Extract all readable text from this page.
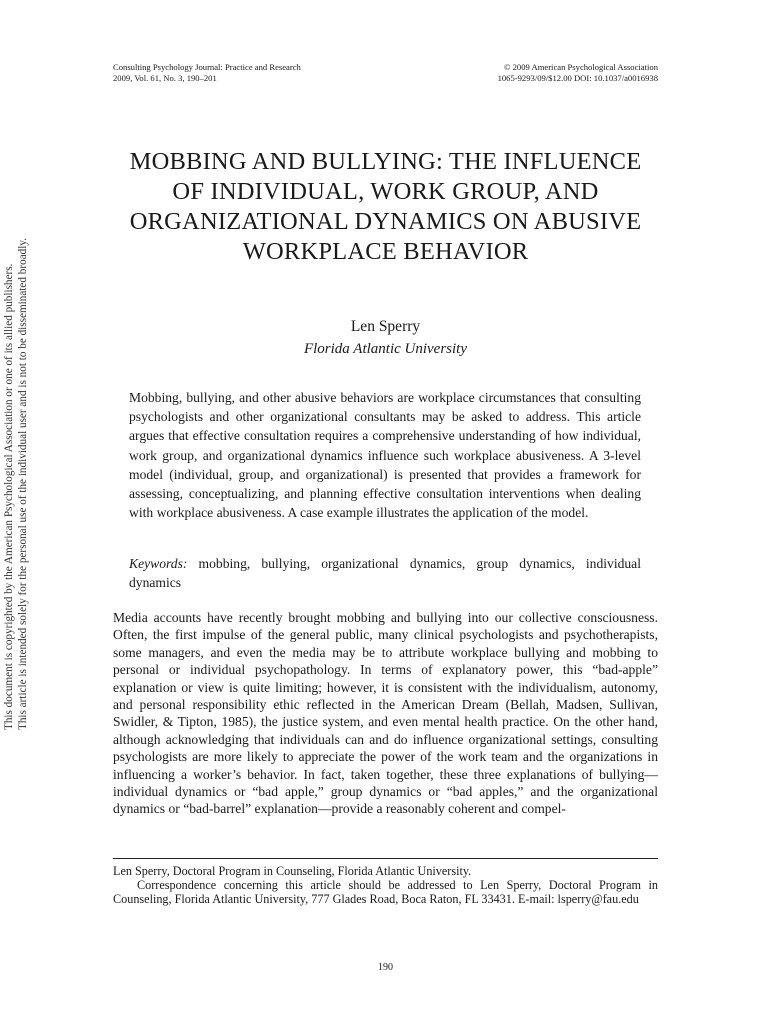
Consulting Psychology Journal: Practice and Research
2009, Vol. 61, No. 3, 190–201
© 2009 American Psychological Association
1065-9293/09/$12.00 DOI: 10.1037/a0016938
This document is copyrighted by the American Psychological Association or one of its allied publishers. This article is intended solely for the personal use of the individual user and is not to be disseminated broadly.
MOBBING AND BULLYING: THE INFLUENCE OF INDIVIDUAL, WORK GROUP, AND ORGANIZATIONAL DYNAMICS ON ABUSIVE WORKPLACE BEHAVIOR
Len Sperry
Florida Atlantic University

Mobbing, bullying, and other abusive behaviors are workplace circumstances that consulting psychologists and other organizational consultants may be asked to address. This article argues that effective consultation requires a comprehensive understanding of how individual, work group, and organizational dynamics influence such workplace abusiveness. A 3-level model (individual, group, and organizational) is presented that provides a framework for assessing, conceptualizing, and planning effective consultation interventions when dealing with workplace abusiveness. A case example illustrates the application of the model.

Keywords: mobbing, bullying, organizational dynamics, group dynamics, individual dynamics

Media accounts have recently brought mobbing and bullying into our collective consciousness. Often, the first impulse of the general public, many clinical psychologists and psychotherapists, some managers, and even the media may be to attribute workplace bullying and mobbing to personal or individual psychopathology. In terms of explanatory power, this “bad-apple” explanation or view is quite limiting; however, it is consistent with the individualism, autonomy, and personal responsibility ethic reflected in the American Dream (Bellah, Madsen, Sullivan, Swidler, & Tipton, 1985), the justice system, and even mental health practice. On the other hand, although acknowledging that individuals can and do influence organizational settings, consulting psychologists are more likely to appreciate the power of the work team and the organizations in influencing a worker’s behavior. In fact, taken together, these three explanations of bullying—individual dynamics or “bad apple,” group dynamics or “bad apples,” and the organizational dynamics or “bad-barrel” explanation—provide a reasonably coherent and compel-

Len Sperry, Doctoral Program in Counseling, Florida Atlantic University.

Correspondence concerning this article should be addressed to Len Sperry, Doctoral Program in Counseling, Florida Atlantic University, 777 Glades Road, Boca Raton, FL 33431. E-mail: lsperry@fau.edu

190
